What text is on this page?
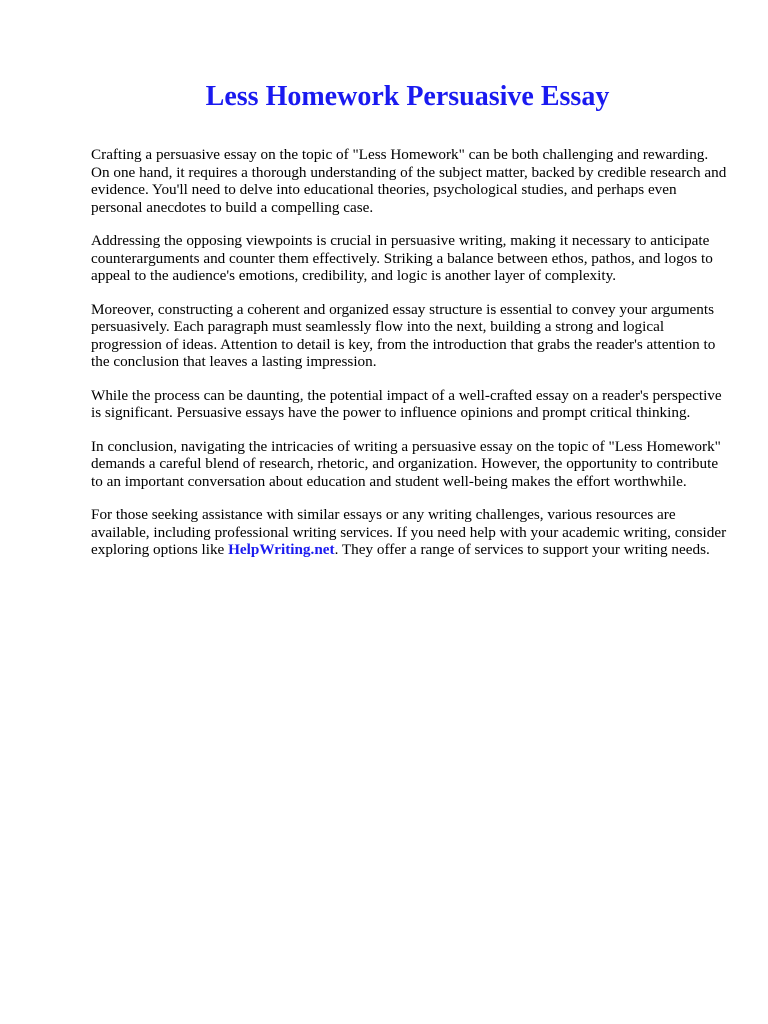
Less Homework Persuasive Essay

Crafting a persuasive essay on the topic of "Less Homework" can be both challenging and rewarding. On one hand, it requires a thorough understanding of the subject matter, backed by credible research and evidence. You'll need to delve into educational theories, psychological studies, and perhaps even personal anecdotes to build a compelling case.

Addressing the opposing viewpoints is crucial in persuasive writing, making it necessary to anticipate counterarguments and counter them effectively. Striking a balance between ethos, pathos, and logos to appeal to the audience's emotions, credibility, and logic is another layer of complexity.

Moreover, constructing a coherent and organized essay structure is essential to convey your arguments persuasively. Each paragraph must seamlessly flow into the next, building a strong and logical progression of ideas. Attention to detail is key, from the introduction that grabs the reader's attention to the conclusion that leaves a lasting impression.

While the process can be daunting, the potential impact of a well-crafted essay on a reader's perspective is significant. Persuasive essays have the power to influence opinions and prompt critical thinking.

In conclusion, navigating the intricacies of writing a persuasive essay on the topic of "Less Homework" demands a careful blend of research, rhetoric, and organization. However, the opportunity to contribute to an important conversation about education and student well-being makes the effort worthwhile.

For those seeking assistance with similar essays or any writing challenges, various resources are available, including professional writing services. If you need help with your academic writing, consider exploring options like HelpWriting.net. They offer a range of services to support your writing needs.
